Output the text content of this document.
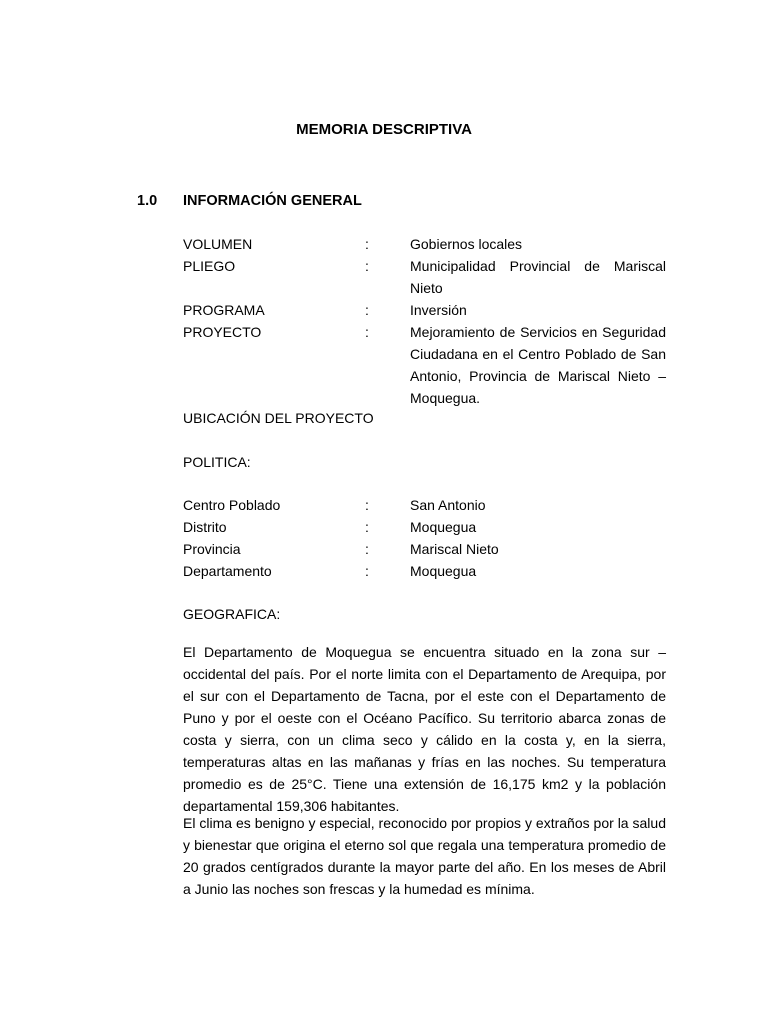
MEMORIA DESCRIPTIVA
1.0 INFORMACIÓN GENERAL
VOLUMEN	:	Gobiernos locales
PLIEGO	:	Municipalidad Provincial de Mariscal Nieto
PROGRAMA	:	Inversión
PROYECTO	:	Mejoramiento de Servicios en Seguridad Ciudadana en el Centro Poblado de San Antonio, Provincia de Mariscal Nieto – Moquegua.
UBICACIÓN DEL PROYECTO
POLITICA:
Centro Poblado	:	San Antonio
Distrito	:	Moquegua
Provincia	:	Mariscal Nieto
Departamento	:	Moquegua
GEOGRAFICA:

El Departamento de Moquegua se encuentra situado en la zona sur – occidental del país. Por el norte limita con el Departamento de Arequipa, por el sur con el Departamento de Tacna, por el este con el Departamento de Puno y por el oeste con el Océano Pacífico. Su territorio abarca zonas de costa y sierra, con un clima seco y cálido en la costa y, en la sierra, temperaturas altas en las mañanas y frías en las noches. Su temperatura promedio es de 25°C. Tiene una extensión de 16,175 km2 y la población departamental 159,306 habitantes.

El clima es benigno y especial, reconocido por propios y extraños por la salud y bienestar que origina el eterno sol que regala una temperatura promedio de 20 grados centígrados durante la mayor parte del año. En los meses de Abril a Junio las noches son frescas y la humedad es mínima.
